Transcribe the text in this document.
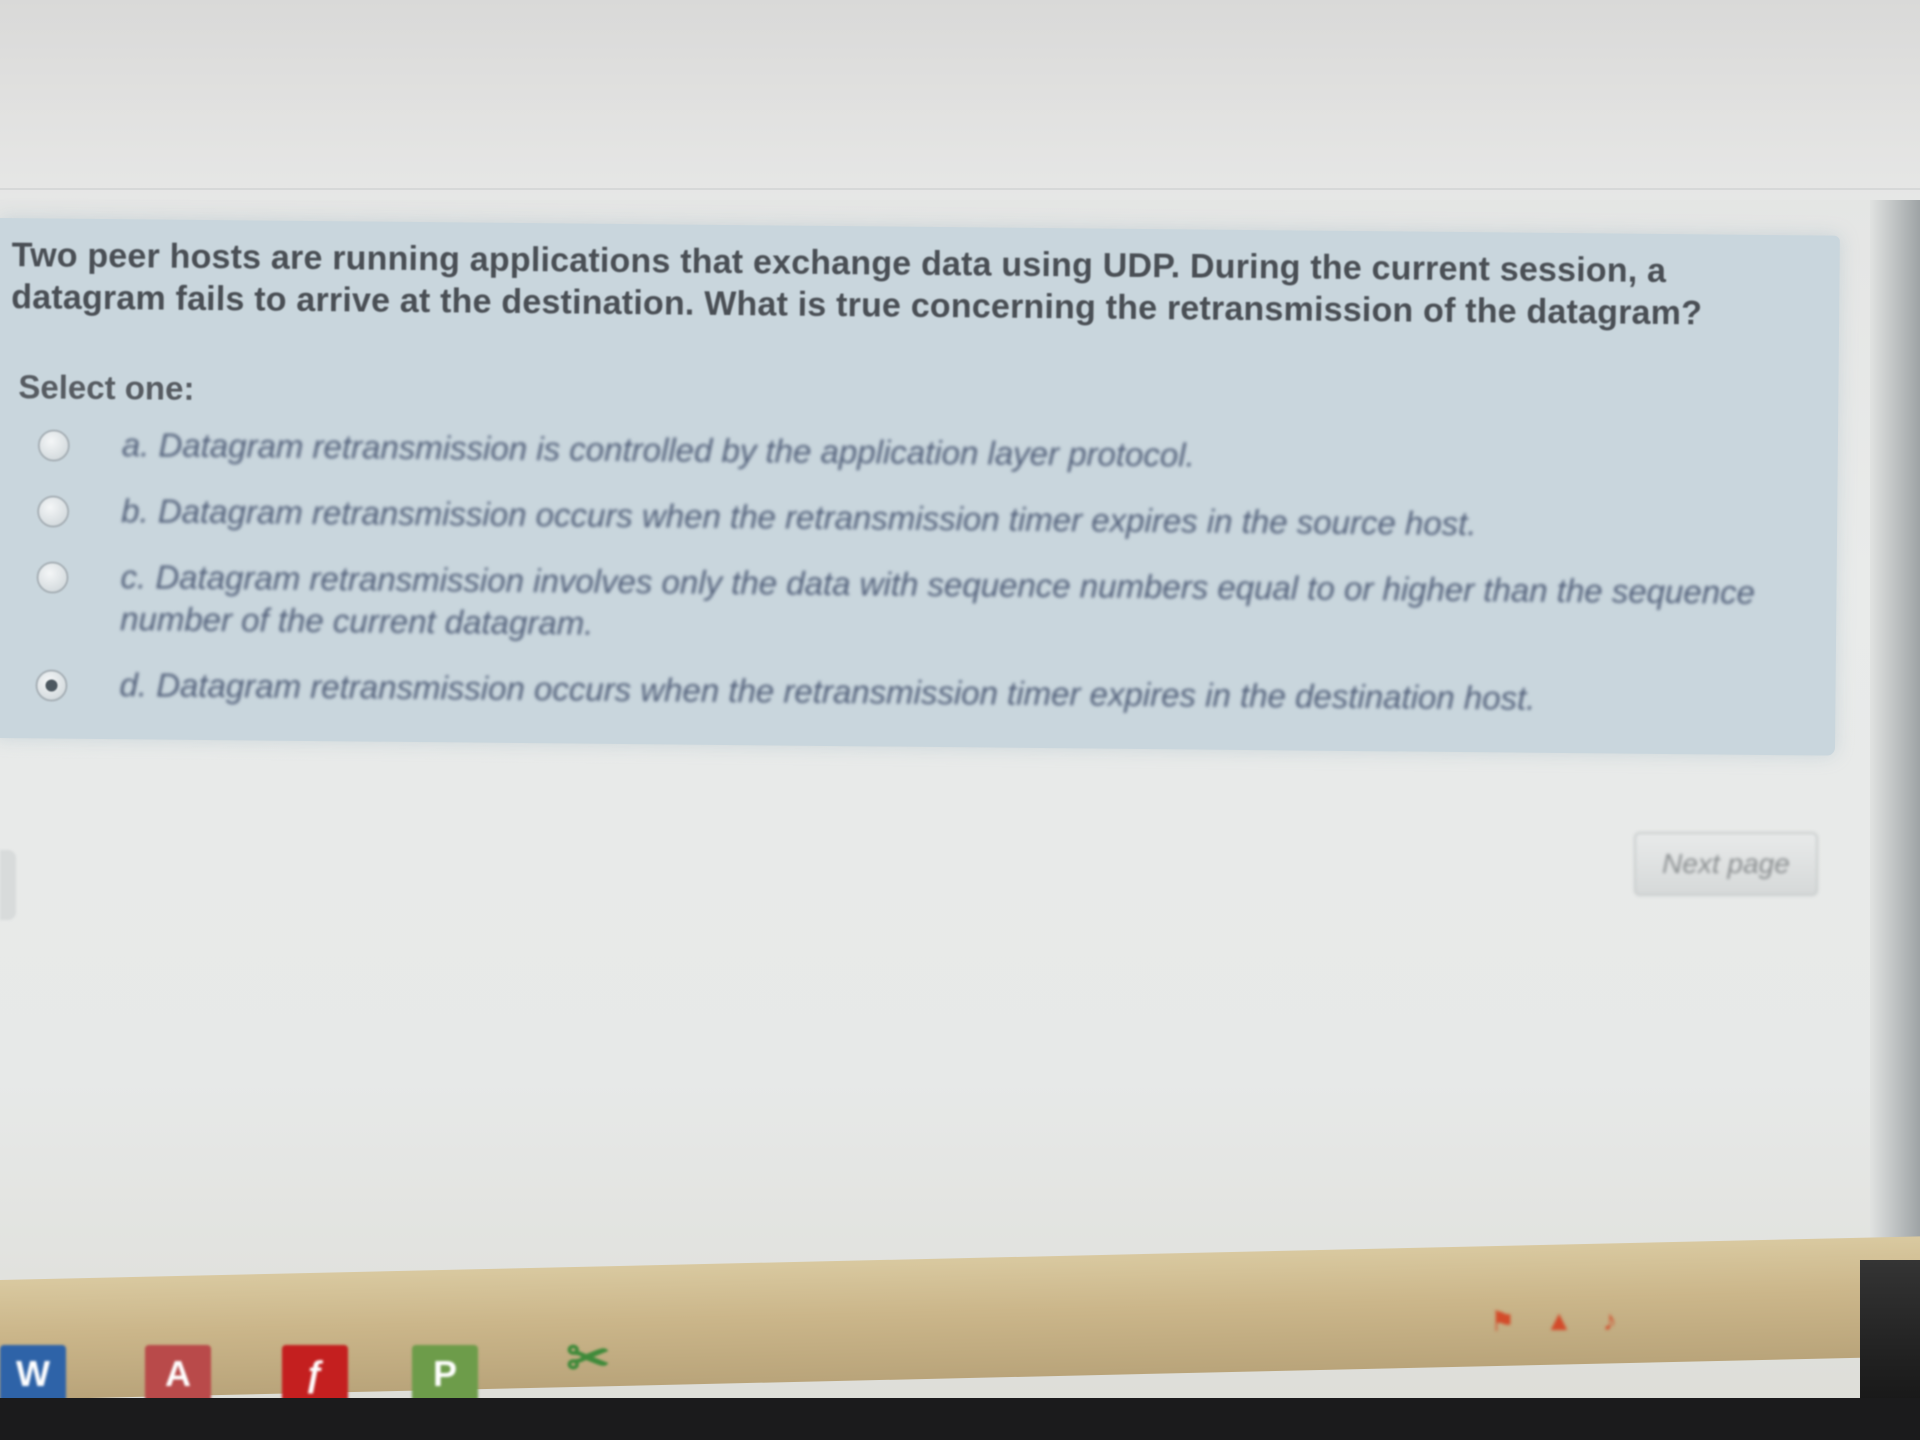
Two peer hosts are running applications that exchange data using UDP. During the current session, a datagram fails to arrive at the destination. What is true concerning the retransmission of the datagram?
Select one:
a. Datagram retransmission is controlled by the application layer protocol.
b. Datagram retransmission occurs when the retransmission timer expires in the source host.
c. Datagram retransmission involves only the data with sequence numbers equal to or higher than the sequence number of the current datagram.
d. Datagram retransmission occurs when the retransmission timer expires in the destination host.
Next page
W	A	ƒ	P	✂
⚑ ▲ ♪
